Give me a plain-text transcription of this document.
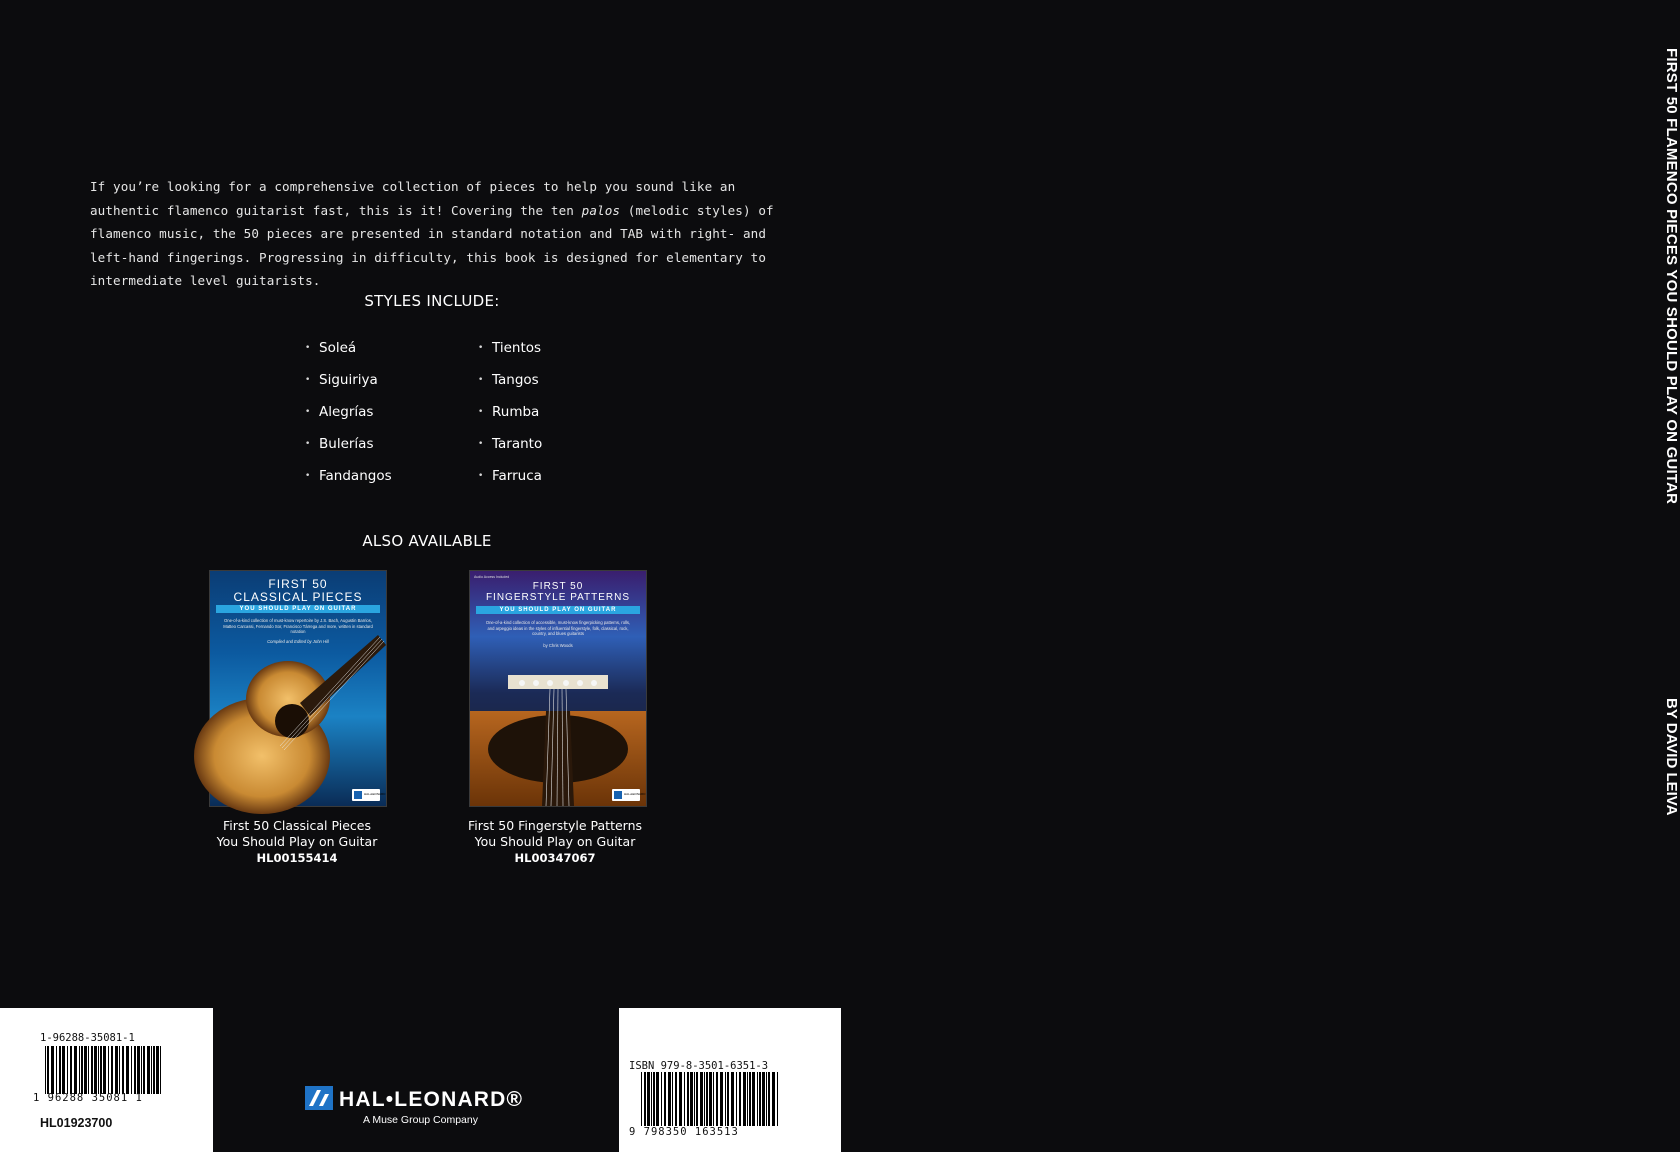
FIRST 50 FLAMENCO PIECES YOU SHOULD PLAY ON GUITAR
BY DAVID LEIVA

If you’re looking for a comprehensive collection of pieces to help you sound like an authentic flamenco guitarist fast, this is it! Covering the ten palos (melodic styles) of flamenco music, the 50 pieces are presented in standard notation and TAB with right- and left-hand fingerings. Progressing in difficulty, this book is designed for elementary to intermediate level guitarists.

STYLES INCLUDE:
• Soleá
• Siguiriya
• Alegrías
• Bulerías
• Fandangos
• Tientos
• Tangos
• Rumba
• Taranto
• Farruca
ALSO AVAILABLE
FIRST 50
CLASSICAL PIECES
YOU SHOULD PLAY ON GUITAR
One-of-a-kind collection of must-know repertoire by J.S. Bach, Augustin Barrios, Matteo Carcassi, Fernando Sor, Francisco Tárrega and more, written in standard notation
Compiled and Edited by John Hill
HAL•LEONARD
Audio Access Included
FIRST 50
FINGERSTYLE PATTERNS
YOU SHOULD PLAY ON GUITAR
One-of-a-kind collection of accessible, must-know fingerpicking patterns, rolls, and arpeggio ideas in the styles of influential fingerstyle, folk, classical, rock, country, and blues guitarists
by Chris Woods
HAL•LEONARD
First 50 Classical Pieces
You Should Play on Guitar
HL00155414
First 50 Fingerstyle Patterns
You Should Play on Guitar
HL00347067
1-96288-35081-1
1 96288 35081 1
HL01923700
HAL•LEONARD®
A Muse Group Company
ISBN 979-8-3501-6351-3
9 798350 163513
